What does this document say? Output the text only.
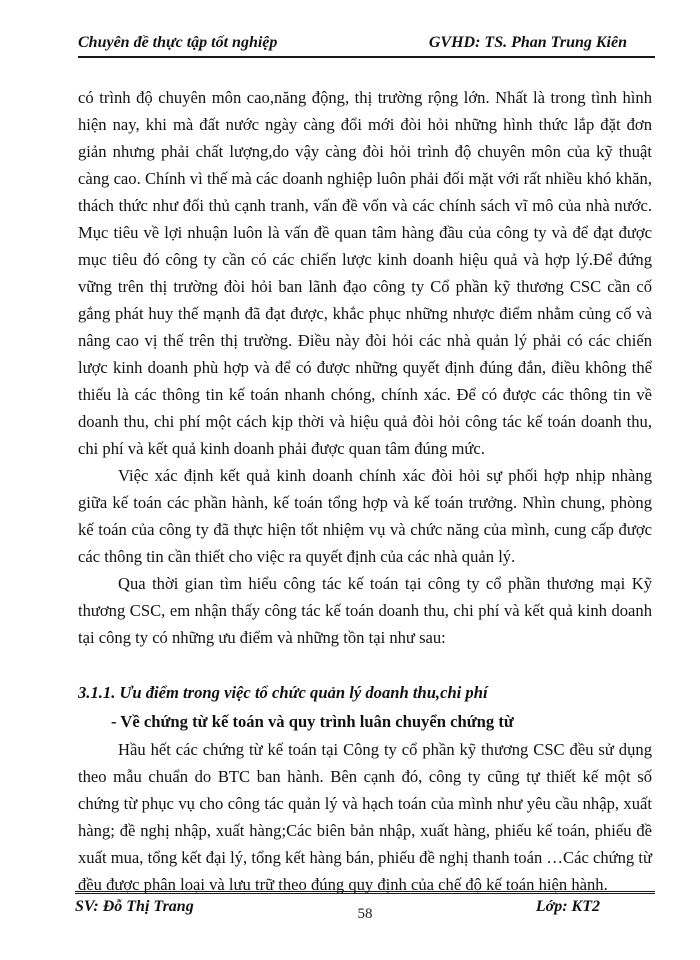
Chuyên đề thực tập tốt nghiệp	GVHD: TS. Phan Trung Kiên

có trình độ chuyên môn cao,năng động, thị trường rộng lớn. Nhất là trong tình hình hiện nay, khi mà đất nước ngày càng đổi mới đòi hỏi những hình thức lắp đặt đơn giản nhưng phải chất lượng,do vậy càng đòi hỏi trình độ chuyên môn của kỹ thuật càng cao. Chính vì thế mà các doanh nghiệp luôn phải đối mặt với rất nhiều khó khăn, thách thức như đối thủ cạnh tranh, vấn đề vốn và các chính sách vĩ mô của nhà nước. Mục tiêu về lợi nhuận luôn là vấn đề quan tâm hàng đầu của công ty và để đạt được mục tiêu đó công ty cần có các chiến lược kinh doanh hiệu quả và hợp lý.Để đứng vững trên thị trường đòi hỏi ban lãnh đạo công ty Cổ phần kỹ thương CSC cần cố gắng phát huy thế mạnh đã đạt được, khắc phục những nhược điểm nhằm củng cố và nâng cao vị thế trên thị trường. Điều này đòi hỏi các nhà quản lý phải có các chiến lược kinh doanh phù hợp và để có được những quyết định đúng đắn, điều không thể thiếu là các thông tin kế toán nhanh chóng, chính xác. Để có được các thông tin về doanh thu, chi phí một cách kịp thời và hiệu quả đòi hỏi công tác kế toán doanh thu, chi phí và kết quả kinh doanh phải được quan tâm đúng mức.

Việc xác định kết quả kinh doanh chính xác đòi hỏi sự phối hợp nhịp nhàng giữa kế toán các phần hành, kế toán tổng hợp và kế toán trưởng. Nhìn chung, phòng kế toán của công ty đã thực hiện tốt nhiệm vụ và chức năng của mình, cung cấp được các thông tin cần thiết cho việc ra quyết định của các nhà quản lý.

Qua thời gian tìm hiểu công tác kế toán tại công ty cổ phần thương mại Kỹ thương CSC, em nhận thấy công tác kế toán doanh thu, chi phí và kết quả kinh doanh tại công ty có những ưu điểm và những tồn tại như sau:

3.1.1. Ưu điểm trong việc tổ chức quản lý doanh thu,chi phí

- Về chứng từ kế toán và quy trình luân chuyển chứng từ

Hầu hết các chứng từ kế toán tại Công ty cổ phần kỹ thương CSC đều sử dụng theo mẫu chuẩn do BTC ban hành. Bên cạnh đó, công ty cũng tự thiết kế một số chứng từ phục vụ cho công tác quản lý và hạch toán của mình như yêu cầu nhập, xuất hàng; đề nghị nhập, xuất hàng;Các biên bản nhập, xuất hàng, phiếu kế toán, phiếu đề xuất mua, tổng kết đại lý, tổng kết hàng bán, phiếu đề nghị thanh toán …Các chứng từ đều được phân loại và lưu trữ theo đúng quy định của chế độ kế toán hiện hành.

SV: Đỗ Thị Trang	Lớp: KT2
58
